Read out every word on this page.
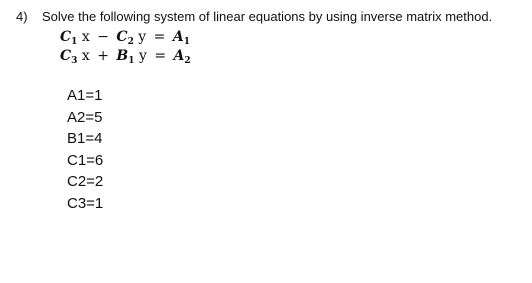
4) Solve the following system of linear equations by using inverse matrix method.
$C_1$ $x - C_2$ $y = A_1$
$C_3$ $x + B_1$ $y = A_2$
A1=1
A2=5
B1=4
C1=6
C2=2
C3=1
